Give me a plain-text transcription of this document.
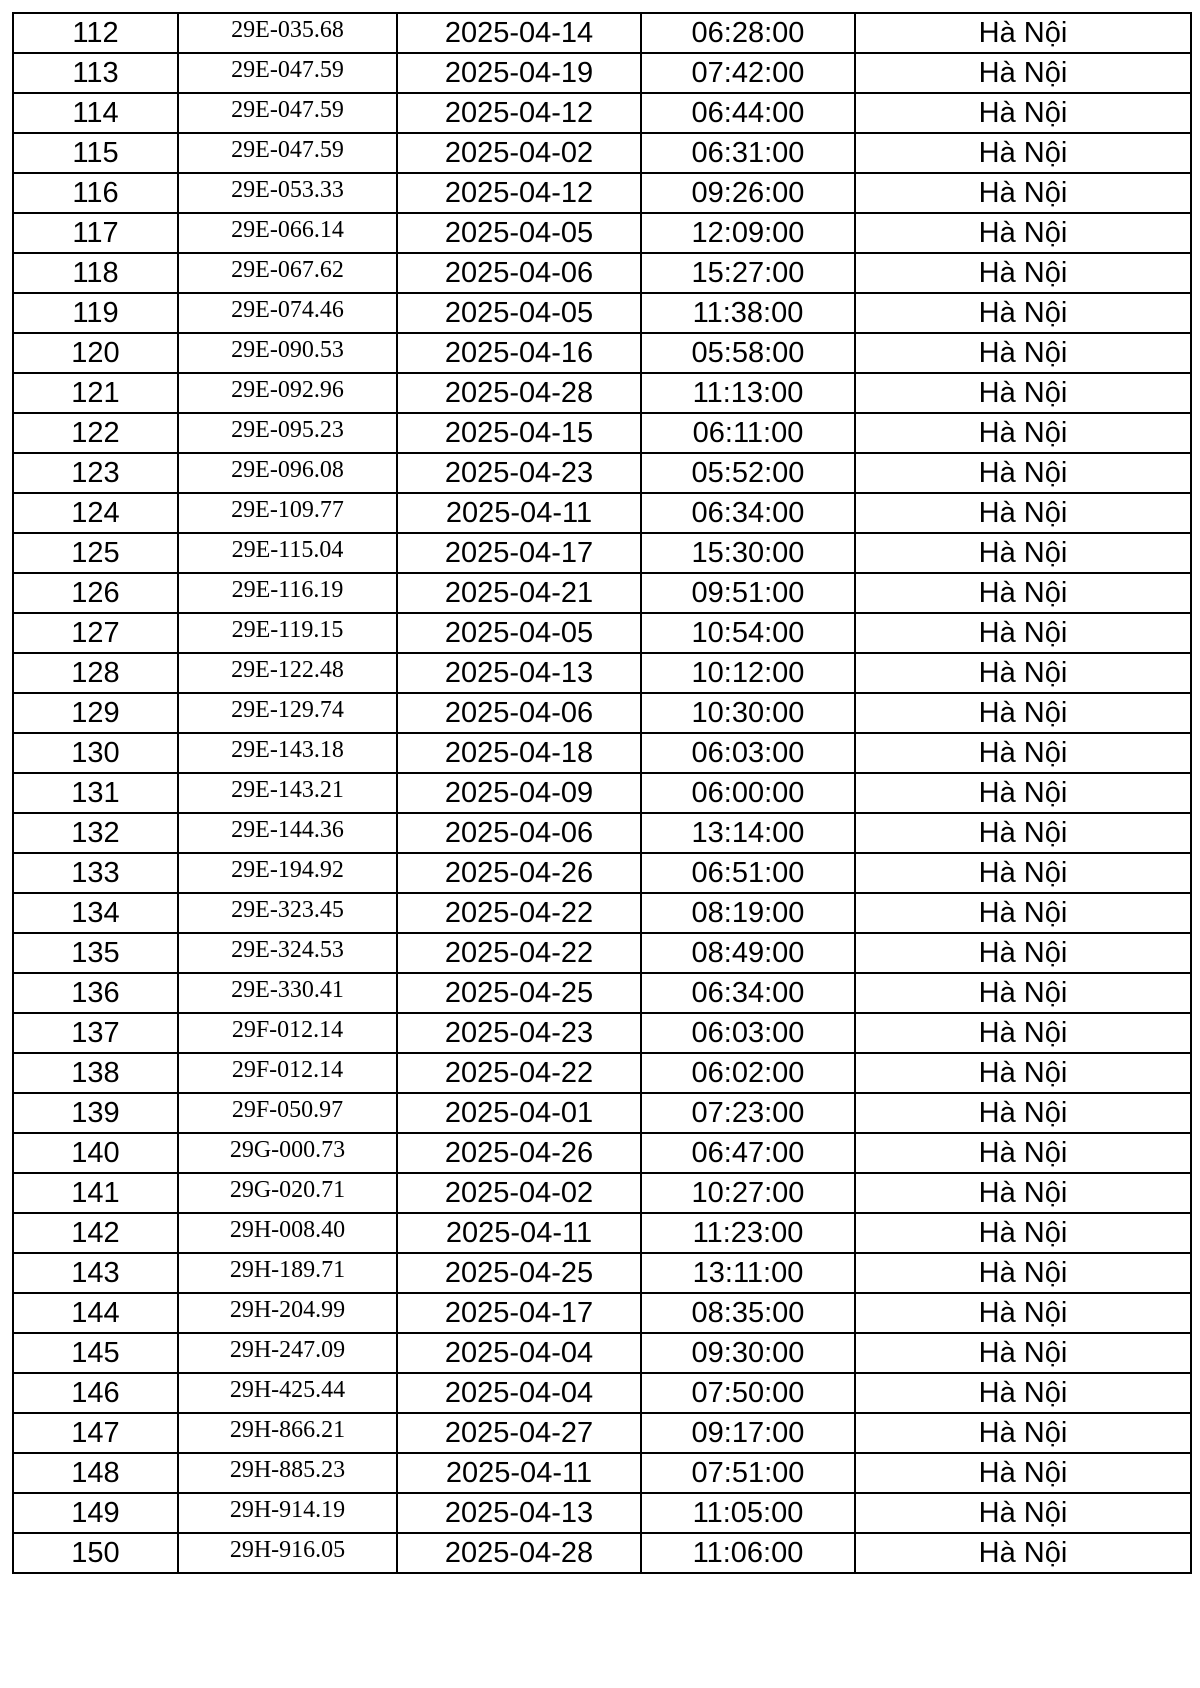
112	29E-035.68	2025-04-14	06:28:00	Hà Nội
113	29E-047.59	2025-04-19	07:42:00	Hà Nội
114	29E-047.59	2025-04-12	06:44:00	Hà Nội
115	29E-047.59	2025-04-02	06:31:00	Hà Nội
116	29E-053.33	2025-04-12	09:26:00	Hà Nội
117	29E-066.14	2025-04-05	12:09:00	Hà Nội
118	29E-067.62	2025-04-06	15:27:00	Hà Nội
119	29E-074.46	2025-04-05	11:38:00	Hà Nội
120	29E-090.53	2025-04-16	05:58:00	Hà Nội
121	29E-092.96	2025-04-28	11:13:00	Hà Nội
122	29E-095.23	2025-04-15	06:11:00	Hà Nội
123	29E-096.08	2025-04-23	05:52:00	Hà Nội
124	29E-109.77	2025-04-11	06:34:00	Hà Nội
125	29E-115.04	2025-04-17	15:30:00	Hà Nội
126	29E-116.19	2025-04-21	09:51:00	Hà Nội
127	29E-119.15	2025-04-05	10:54:00	Hà Nội
128	29E-122.48	2025-04-13	10:12:00	Hà Nội
129	29E-129.74	2025-04-06	10:30:00	Hà Nội
130	29E-143.18	2025-04-18	06:03:00	Hà Nội
131	29E-143.21	2025-04-09	06:00:00	Hà Nội
132	29E-144.36	2025-04-06	13:14:00	Hà Nội
133	29E-194.92	2025-04-26	06:51:00	Hà Nội
134	29E-323.45	2025-04-22	08:19:00	Hà Nội
135	29E-324.53	2025-04-22	08:49:00	Hà Nội
136	29E-330.41	2025-04-25	06:34:00	Hà Nội
137	29F-012.14	2025-04-23	06:03:00	Hà Nội
138	29F-012.14	2025-04-22	06:02:00	Hà Nội
139	29F-050.97	2025-04-01	07:23:00	Hà Nội
140	29G-000.73	2025-04-26	06:47:00	Hà Nội
141	29G-020.71	2025-04-02	10:27:00	Hà Nội
142	29H-008.40	2025-04-11	11:23:00	Hà Nội
143	29H-189.71	2025-04-25	13:11:00	Hà Nội
144	29H-204.99	2025-04-17	08:35:00	Hà Nội
145	29H-247.09	2025-04-04	09:30:00	Hà Nội
146	29H-425.44	2025-04-04	07:50:00	Hà Nội
147	29H-866.21	2025-04-27	09:17:00	Hà Nội
148	29H-885.23	2025-04-11	07:51:00	Hà Nội
149	29H-914.19	2025-04-13	11:05:00	Hà Nội
150	29H-916.05	2025-04-28	11:06:00	Hà Nội
